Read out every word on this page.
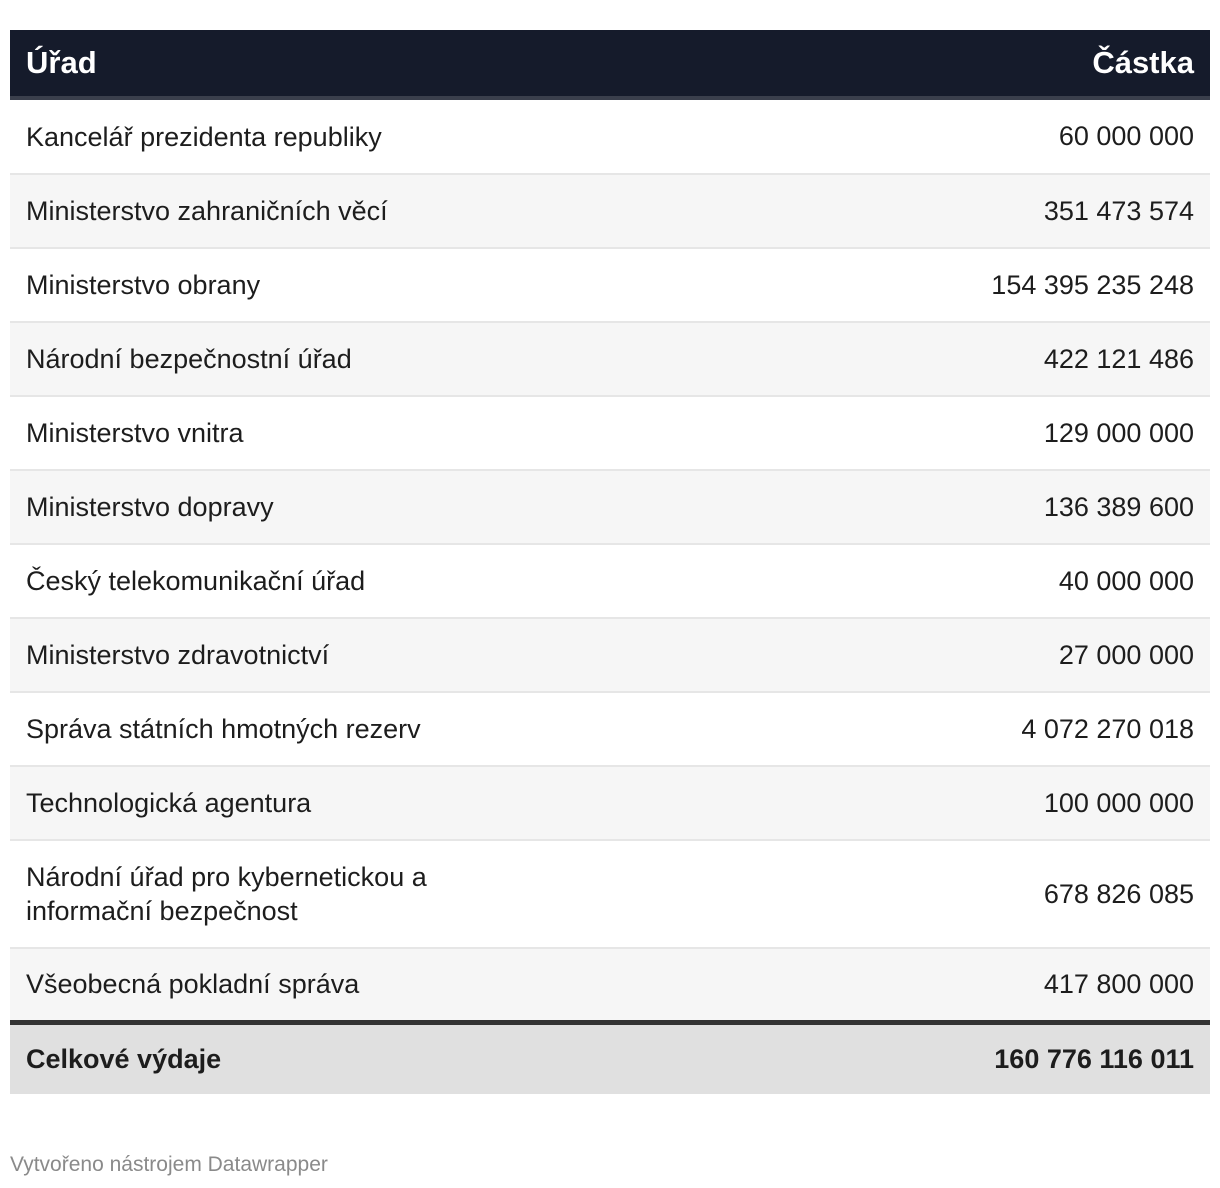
Úřad	Částka
Kancelář prezidenta republiky	60 000 000
Ministerstvo zahraničních věcí	351 473 574
Ministerstvo obrany	154 395 235 248
Národní bezpečnostní úřad	422 121 486
Ministerstvo vnitra	129 000 000
Ministerstvo dopravy	136 389 600
Český telekomunikační úřad	40 000 000
Ministerstvo zdravotnictví	27 000 000
Správa státních hmotných rezerv	4 072 270 018
Technologická agentura	100 000 000
Národní úřad pro kybernetickou a informační bezpečnost	678 826 085
Všeobecná pokladní správa	417 800 000
Celkové výdaje	160 776 116 011
Vytvořeno nástrojem Datawrapper
